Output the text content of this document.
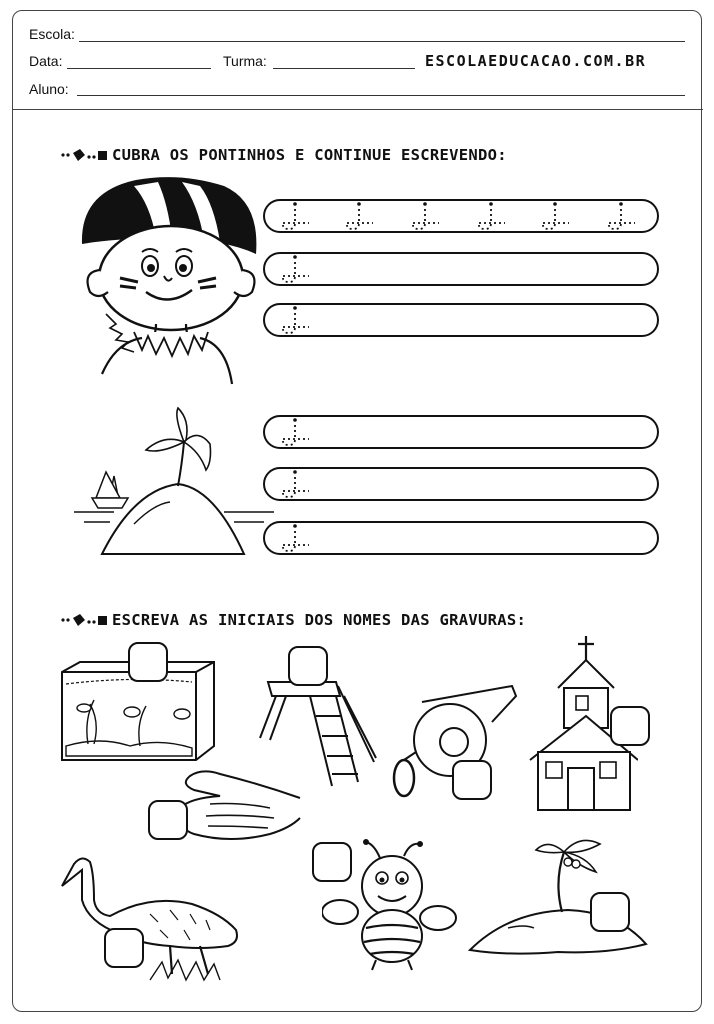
Escola:
Data:	Turma:	ESCOLAEDUCACAO.COM.BR
Aluno:
CUBRA OS PONTINHOS E CONTINUE ESCREVENDO:
ESCREVA AS INICIAIS DOS NOMES DAS GRAVURAS:
